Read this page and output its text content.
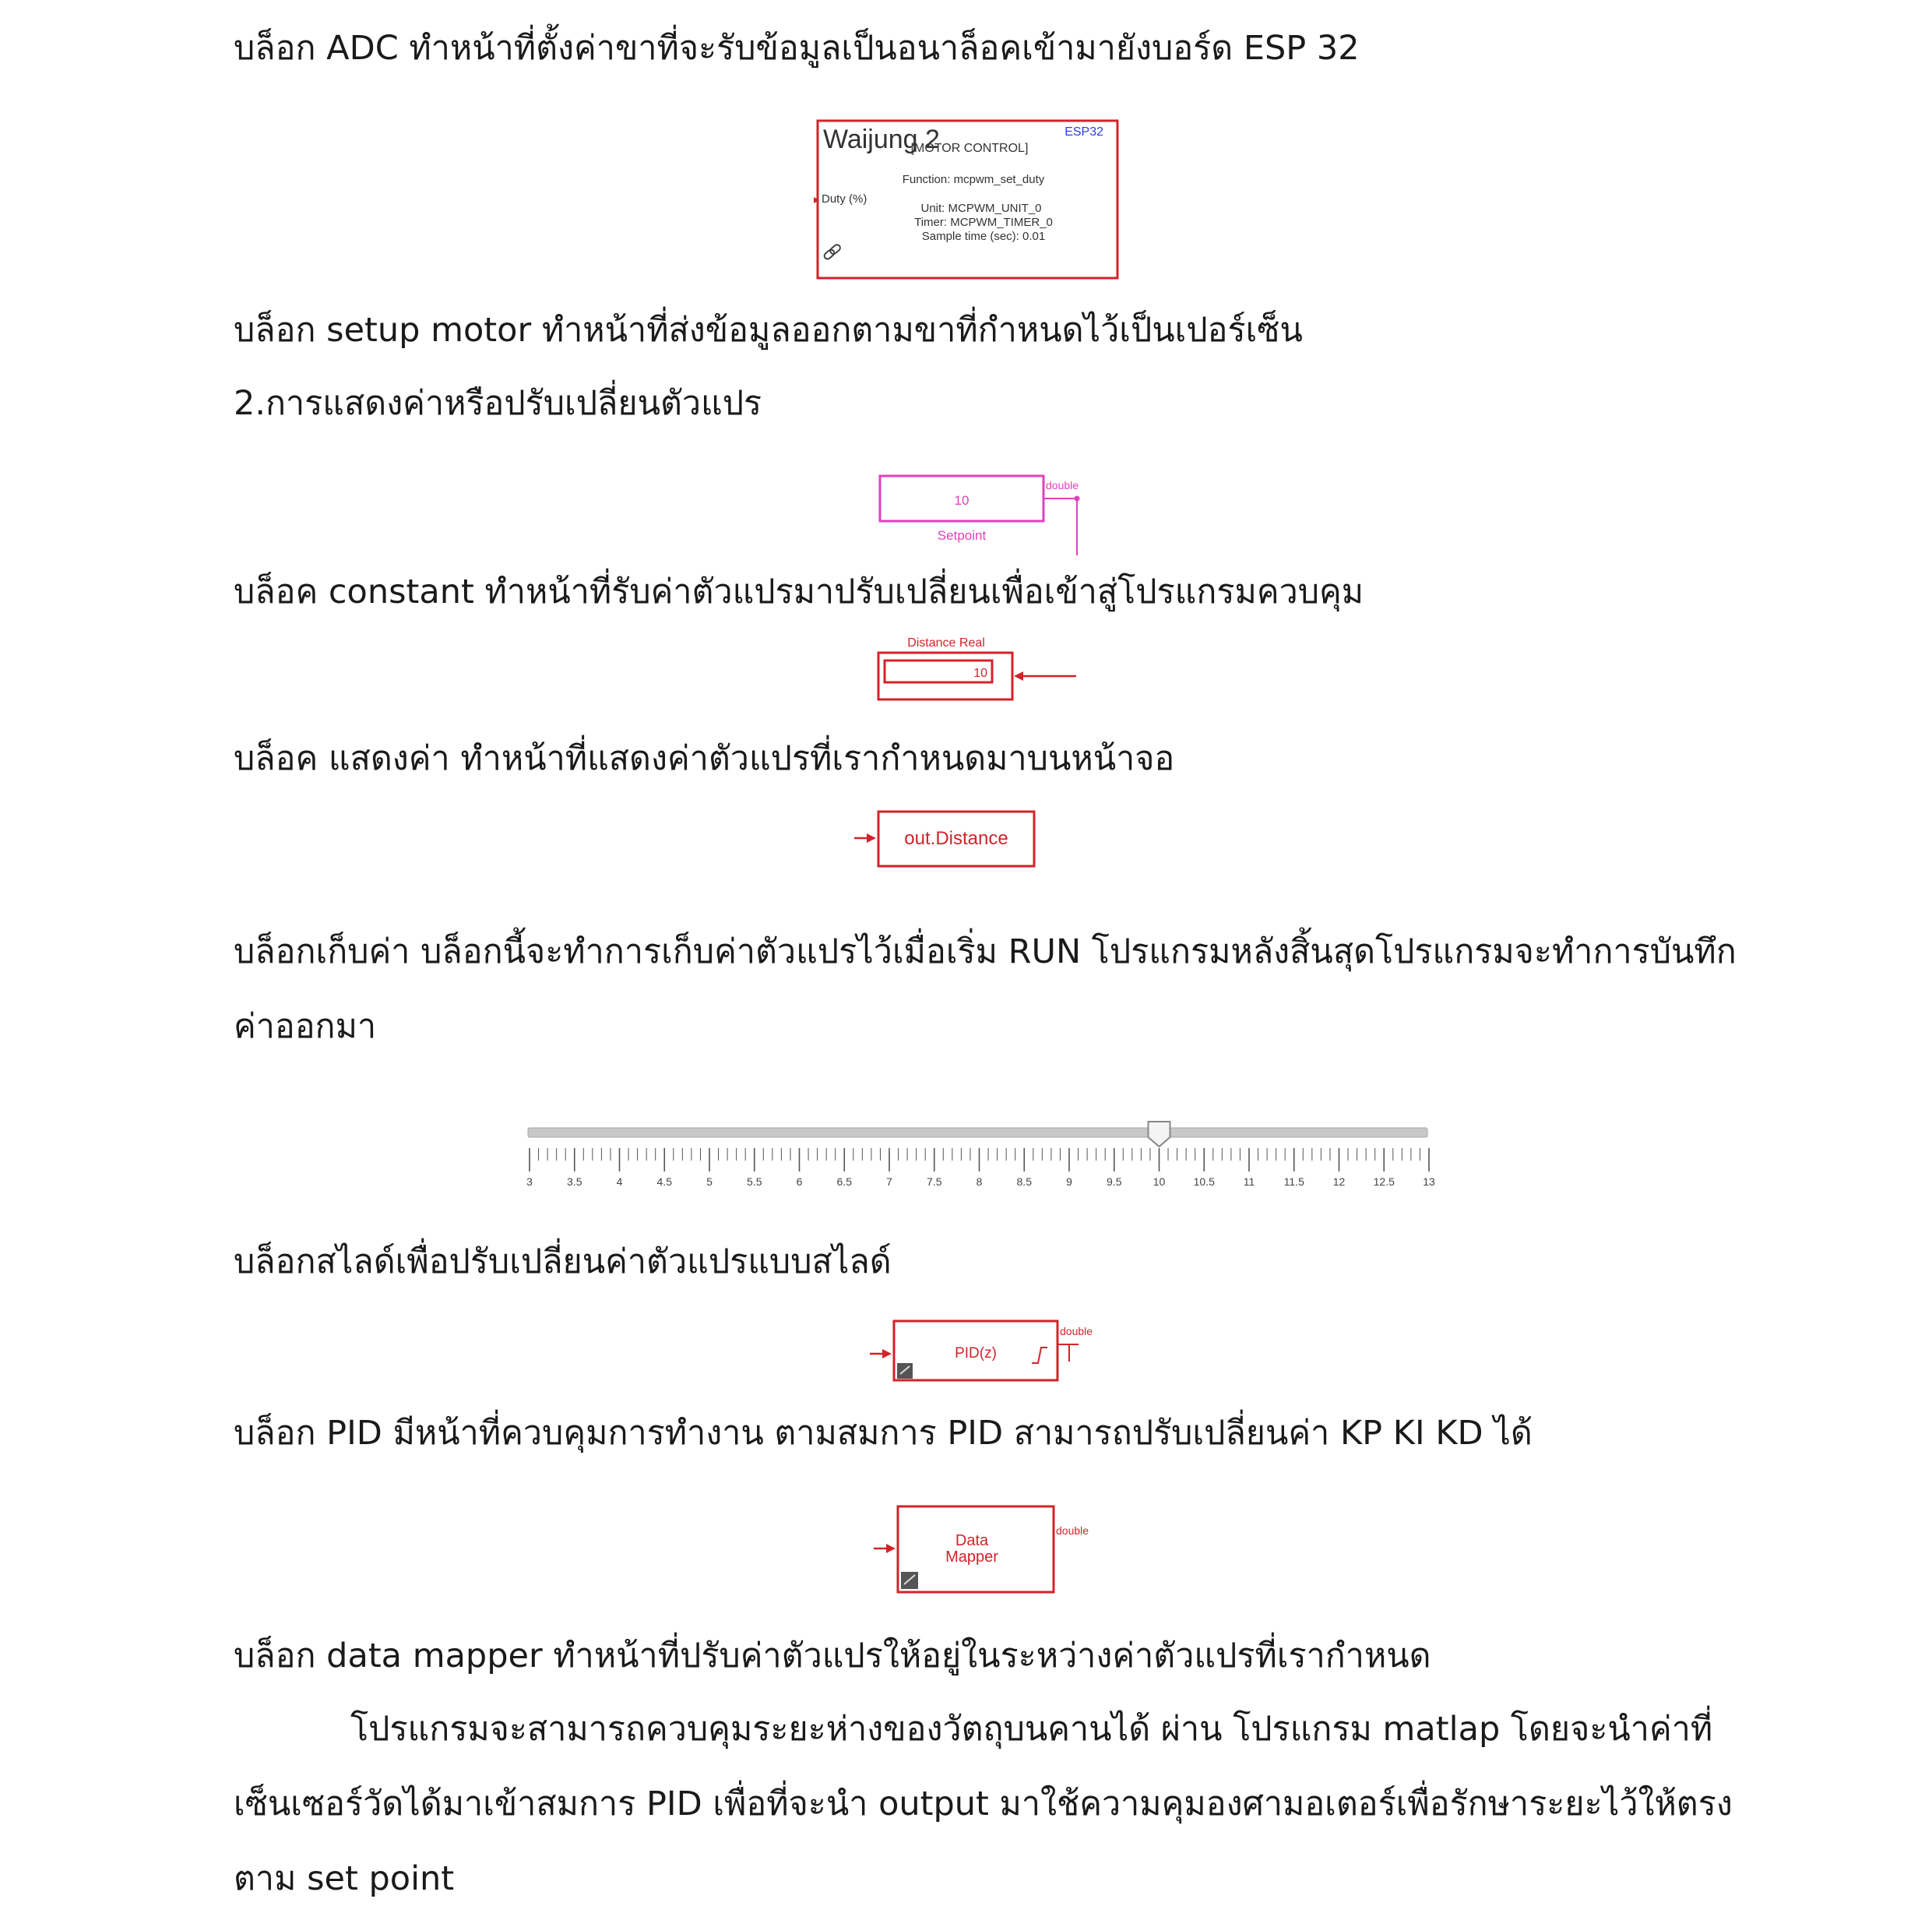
บล็อก ADC ทำหน้าที่ตั้งค่าขาที่จะรับข้อมูลเป็นอนาล็อคเข้ามายังบอร์ด ESP 32
Waijung 2	ESP32
[MOTOR CONTROL]
Function: mcpwm_set_duty
Duty (%)
Unit: MCPWM_UNIT_0
Timer: MCPWM_TIMER_0
Sample time (sec): 0.01
บล็อก setup motor ทำหน้าที่ส่งข้อมูลออกตามขาที่กำหนดไว้เป็นเปอร์เซ็น
2.การแสดงค่าหรือปรับเปลี่ยนตัวแปร
10
Setpoint
double
บล็อค constant ทำหน้าที่รับค่าตัวแปรมาปรับเปลี่ยนเพื่อเข้าสู่โปรแกรมควบคุม
Distance Real
10
บล็อค แสดงค่า ทำหน้าที่แสดงค่าตัวแปรที่เรากำหนดมาบนหน้าจอ
out.Distance
บล็อกเก็บค่า บล็อกนี้จะทำการเก็บค่าตัวแปรไว้เมื่อเริ่ม RUN โปรแกรมหลังสิ้นสุดโปรแกรมจะทำการบันทึก
ค่าออกมา
3	3.5	4	4.5	5	5.5	6	6.5	7	7.5	8	8.5	9	9.5	10	10.5	11	11.5	12	12.5	13
บล็อกสไลด์เพื่อปรับเปลี่ยนค่าตัวแปรแบบสไลด์
PID(z)
double
บล็อก PID มีหน้าที่ควบคุมการทำงาน ตามสมการ PID สามารถปรับเปลี่ยนค่า KP KI KD ได้
Data
Mapper
double
บล็อก data mapper ทำหน้าที่ปรับค่าตัวแปรให้อยู่ในระหว่างค่าตัวแปรที่เรากำหนด
โปรแกรมจะสามารถควบคุมระยะห่างของวัตถุบนคานได้ ผ่าน โปรแกรม matlap โดยจะนำค่าที่
เซ็นเซอร์วัดได้มาเข้าสมการ PID เพื่อที่จะนำ output มาใช้ความคุมองศามอเตอร์เพื่อรักษาระยะไว้ให้ตรง
ตาม set point
